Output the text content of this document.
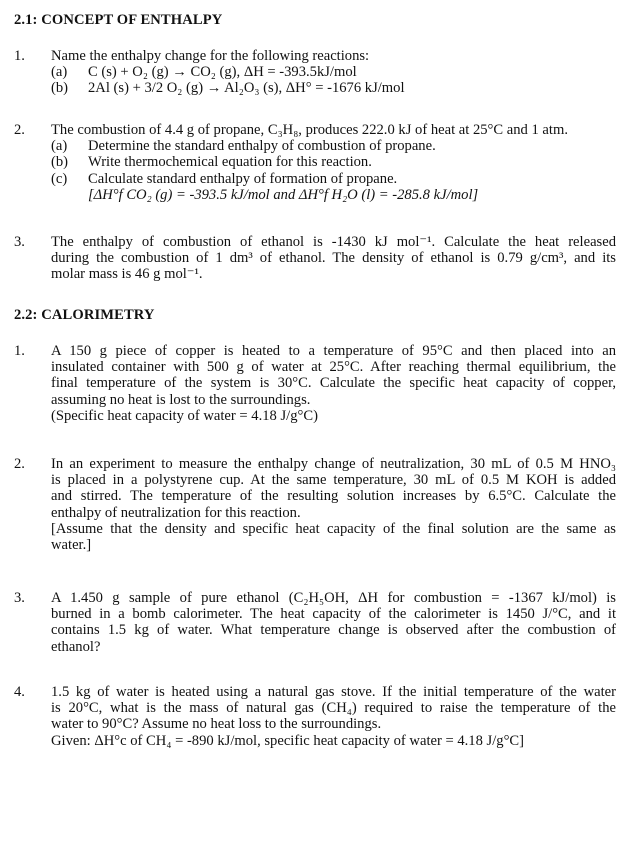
2.1: CONCEPT OF ENTHALPY
1. Name the enthalpy change for the following reactions:
(a) C (s) + O₂ (g) → CO₂ (g), ΔH = -393.5kJ/mol
(b) 2Al (s) + 3/2 O₂ (g) → Al₂O₃ (s), ΔH° = -1676 kJ/mol
2. The combustion of 4.4 g of propane, C₃H₈, produces 222.0 kJ of heat at 25°C and 1 atm.
(a) Determine the standard enthalpy of combustion of propane.
(b) Write thermochemical equation for this reaction.
(c) Calculate standard enthalpy of formation of propane.
[ΔH°f CO₂ (g) = -393.5 kJ/mol and ΔH°f H₂O (l) = -285.8 kJ/mol]
3. The enthalpy of combustion of ethanol is -1430 kJ mol⁻¹. Calculate the heat released
during the combustion of 1 dm³ of ethanol. The density of ethanol is 0.79 g/cm³, and its
molar mass is 46 g mol⁻¹.
2.2: CALORIMETRY
1. A 150 g piece of copper is heated to a temperature of 95°C and then placed into an
insulated container with 500 g of water at 25°C. After reaching thermal equilibrium, the
final temperature of the system is 30°C. Calculate the specific heat capacity of copper,
assuming no heat is lost to the surroundings.
(Specific heat capacity of water = 4.18 J/g°C)
2. In an experiment to measure the enthalpy change of neutralization, 30 mL of 0.5 M HNO₃
is placed in a polystyrene cup. At the same temperature, 30 mL of 0.5 M KOH is added
and stirred. The temperature of the resulting solution increases by 6.5°C. Calculate the
enthalpy of neutralization for this reaction.
[Assume that the density and specific heat capacity of the final solution are the same as
water.]
3. A 1.450 g sample of pure ethanol (C₂H₅OH, ΔH for combustion = -1367 kJ/mol) is
burned in a bomb calorimeter. The heat capacity of the calorimeter is 1450 J/°C, and it
contains 1.5 kg of water. What temperature change is observed after the combustion of
ethanol?
4. 1.5 kg of water is heated using a natural gas stove. If the initial temperature of the water
is 20°C, what is the mass of natural gas (CH₄) required to raise the temperature of the
water to 90°C? Assume no heat loss to the surroundings.
Given: ΔH°c of CH₄ = -890 kJ/mol, specific heat capacity of water = 4.18 J/g°C]
